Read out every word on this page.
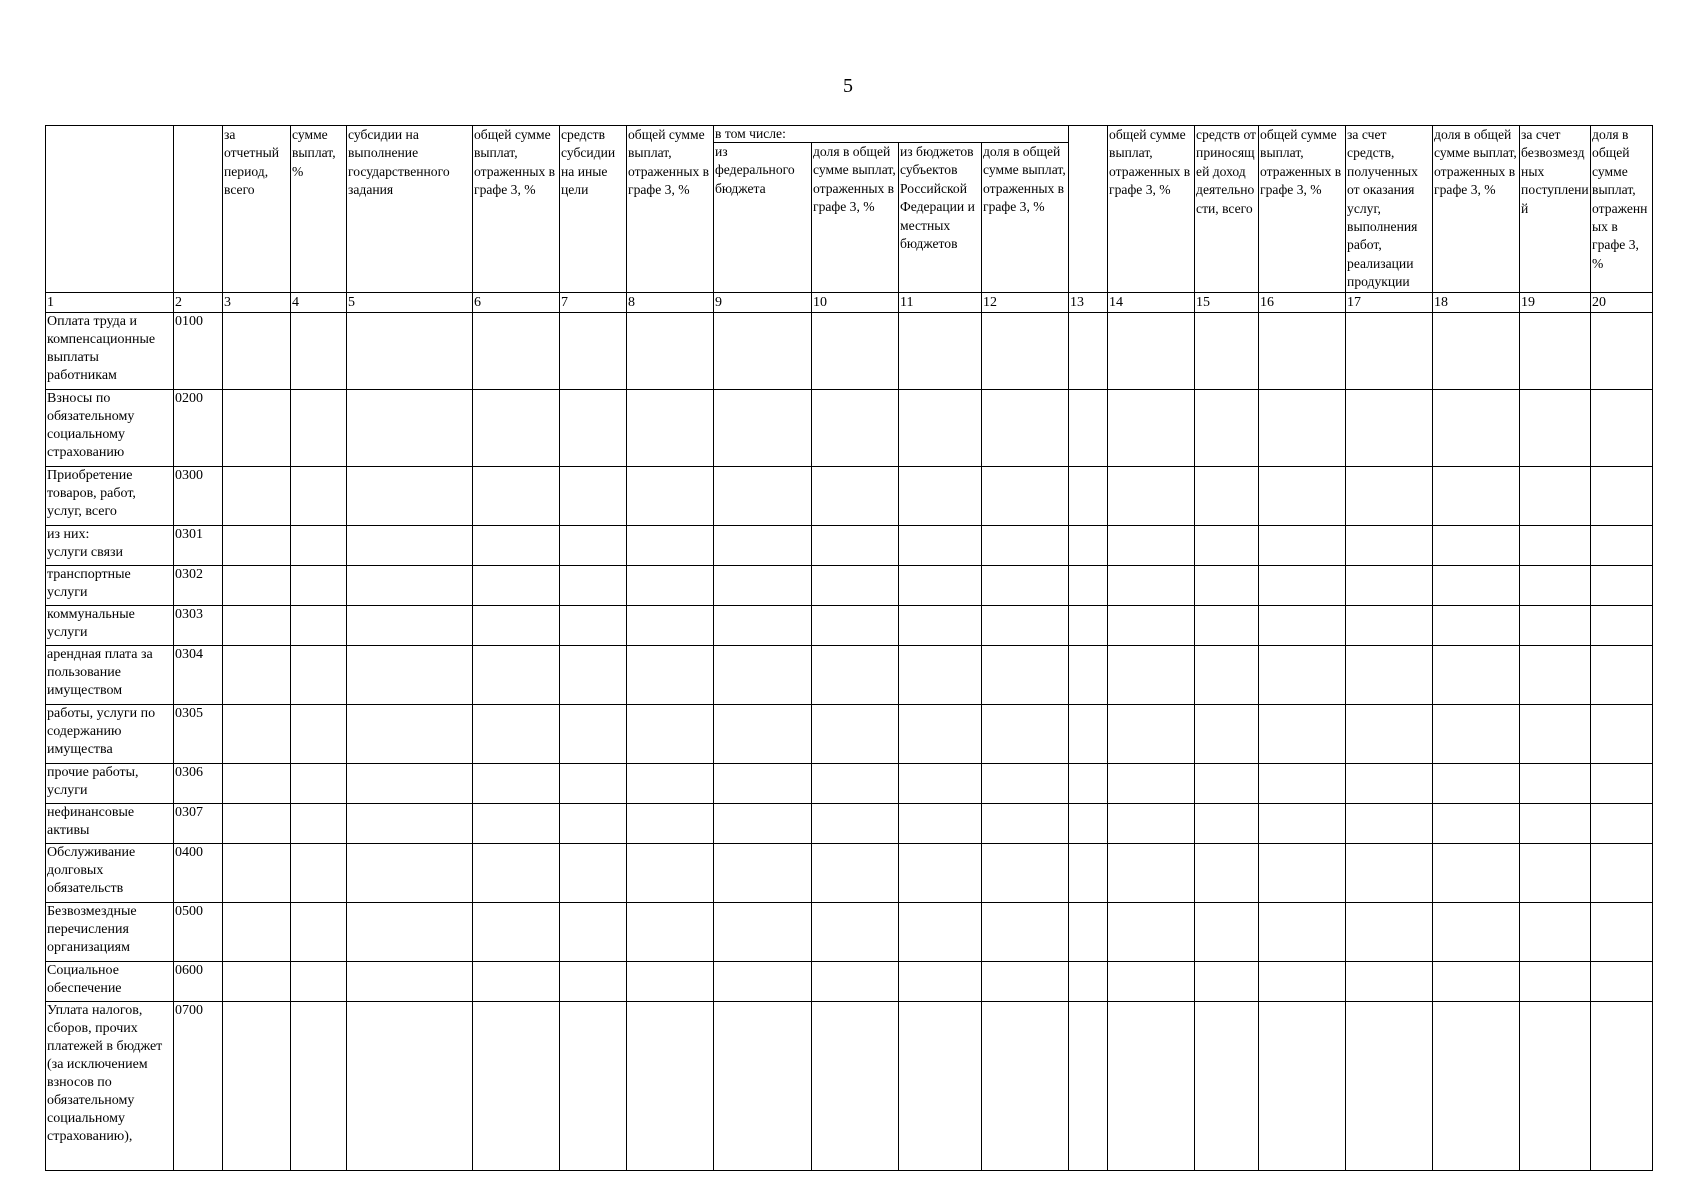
5
		за отчетный период, всего	сумме выплат, %	субсидии на выполнение государственного задания	общей сумме выплат, отраженных в графе 3, %	средств субсидии на иные цели	общей сумме выплат, отраженных в графе 3, %	в том числе:					общей сумме выплат, отраженных в графе 3, %	средств от приносящей доход деятельности, всего	общей сумме выплат, отраженных в графе 3, %	за счет средств, полученных от оказания услуг, выполнения работ, реализации продукции	доля в общей сумме выплат, отраженных в графе 3, %	за счет безвозмездных поступлений	доля в общей сумме выплат, отраженных в графе 3, %
								из федерального бюджета	доля в общей сумме выплат, отраженных в графе 3, %	из бюджетов субъектов Российской Федерации и местных бюджетов	доля в общей сумме выплат, отраженных в графе 3, %								
1	2	3	4	5	6	7	8	9	10	11	12	13	14	15	16	17	18	19	20
Оплата труда и компенсационные выплаты работникам	0100																		
Взносы по обязательному социальному страхованию	0200																		
Приобретение товаров, работ, услуг, всего	0300																		
из них:
услуги связи	0301																		
транспортные услуги	0302																		
коммунальные услуги	0303																		
арендная плата за пользование имуществом	0304																		
работы, услуги по содержанию имущества	0305																		
прочие работы, услуги	0306																		
нефинансовые активы	0307																		
Обслуживание долговых обязательств	0400																		
Безвозмездные перечисления организациям	0500																		
Социальное обеспечение	0600																		
Уплата налогов, сборов, прочих платежей в бюджет (за исключением взносов по обязательному социальному страхованию),	0700																		
